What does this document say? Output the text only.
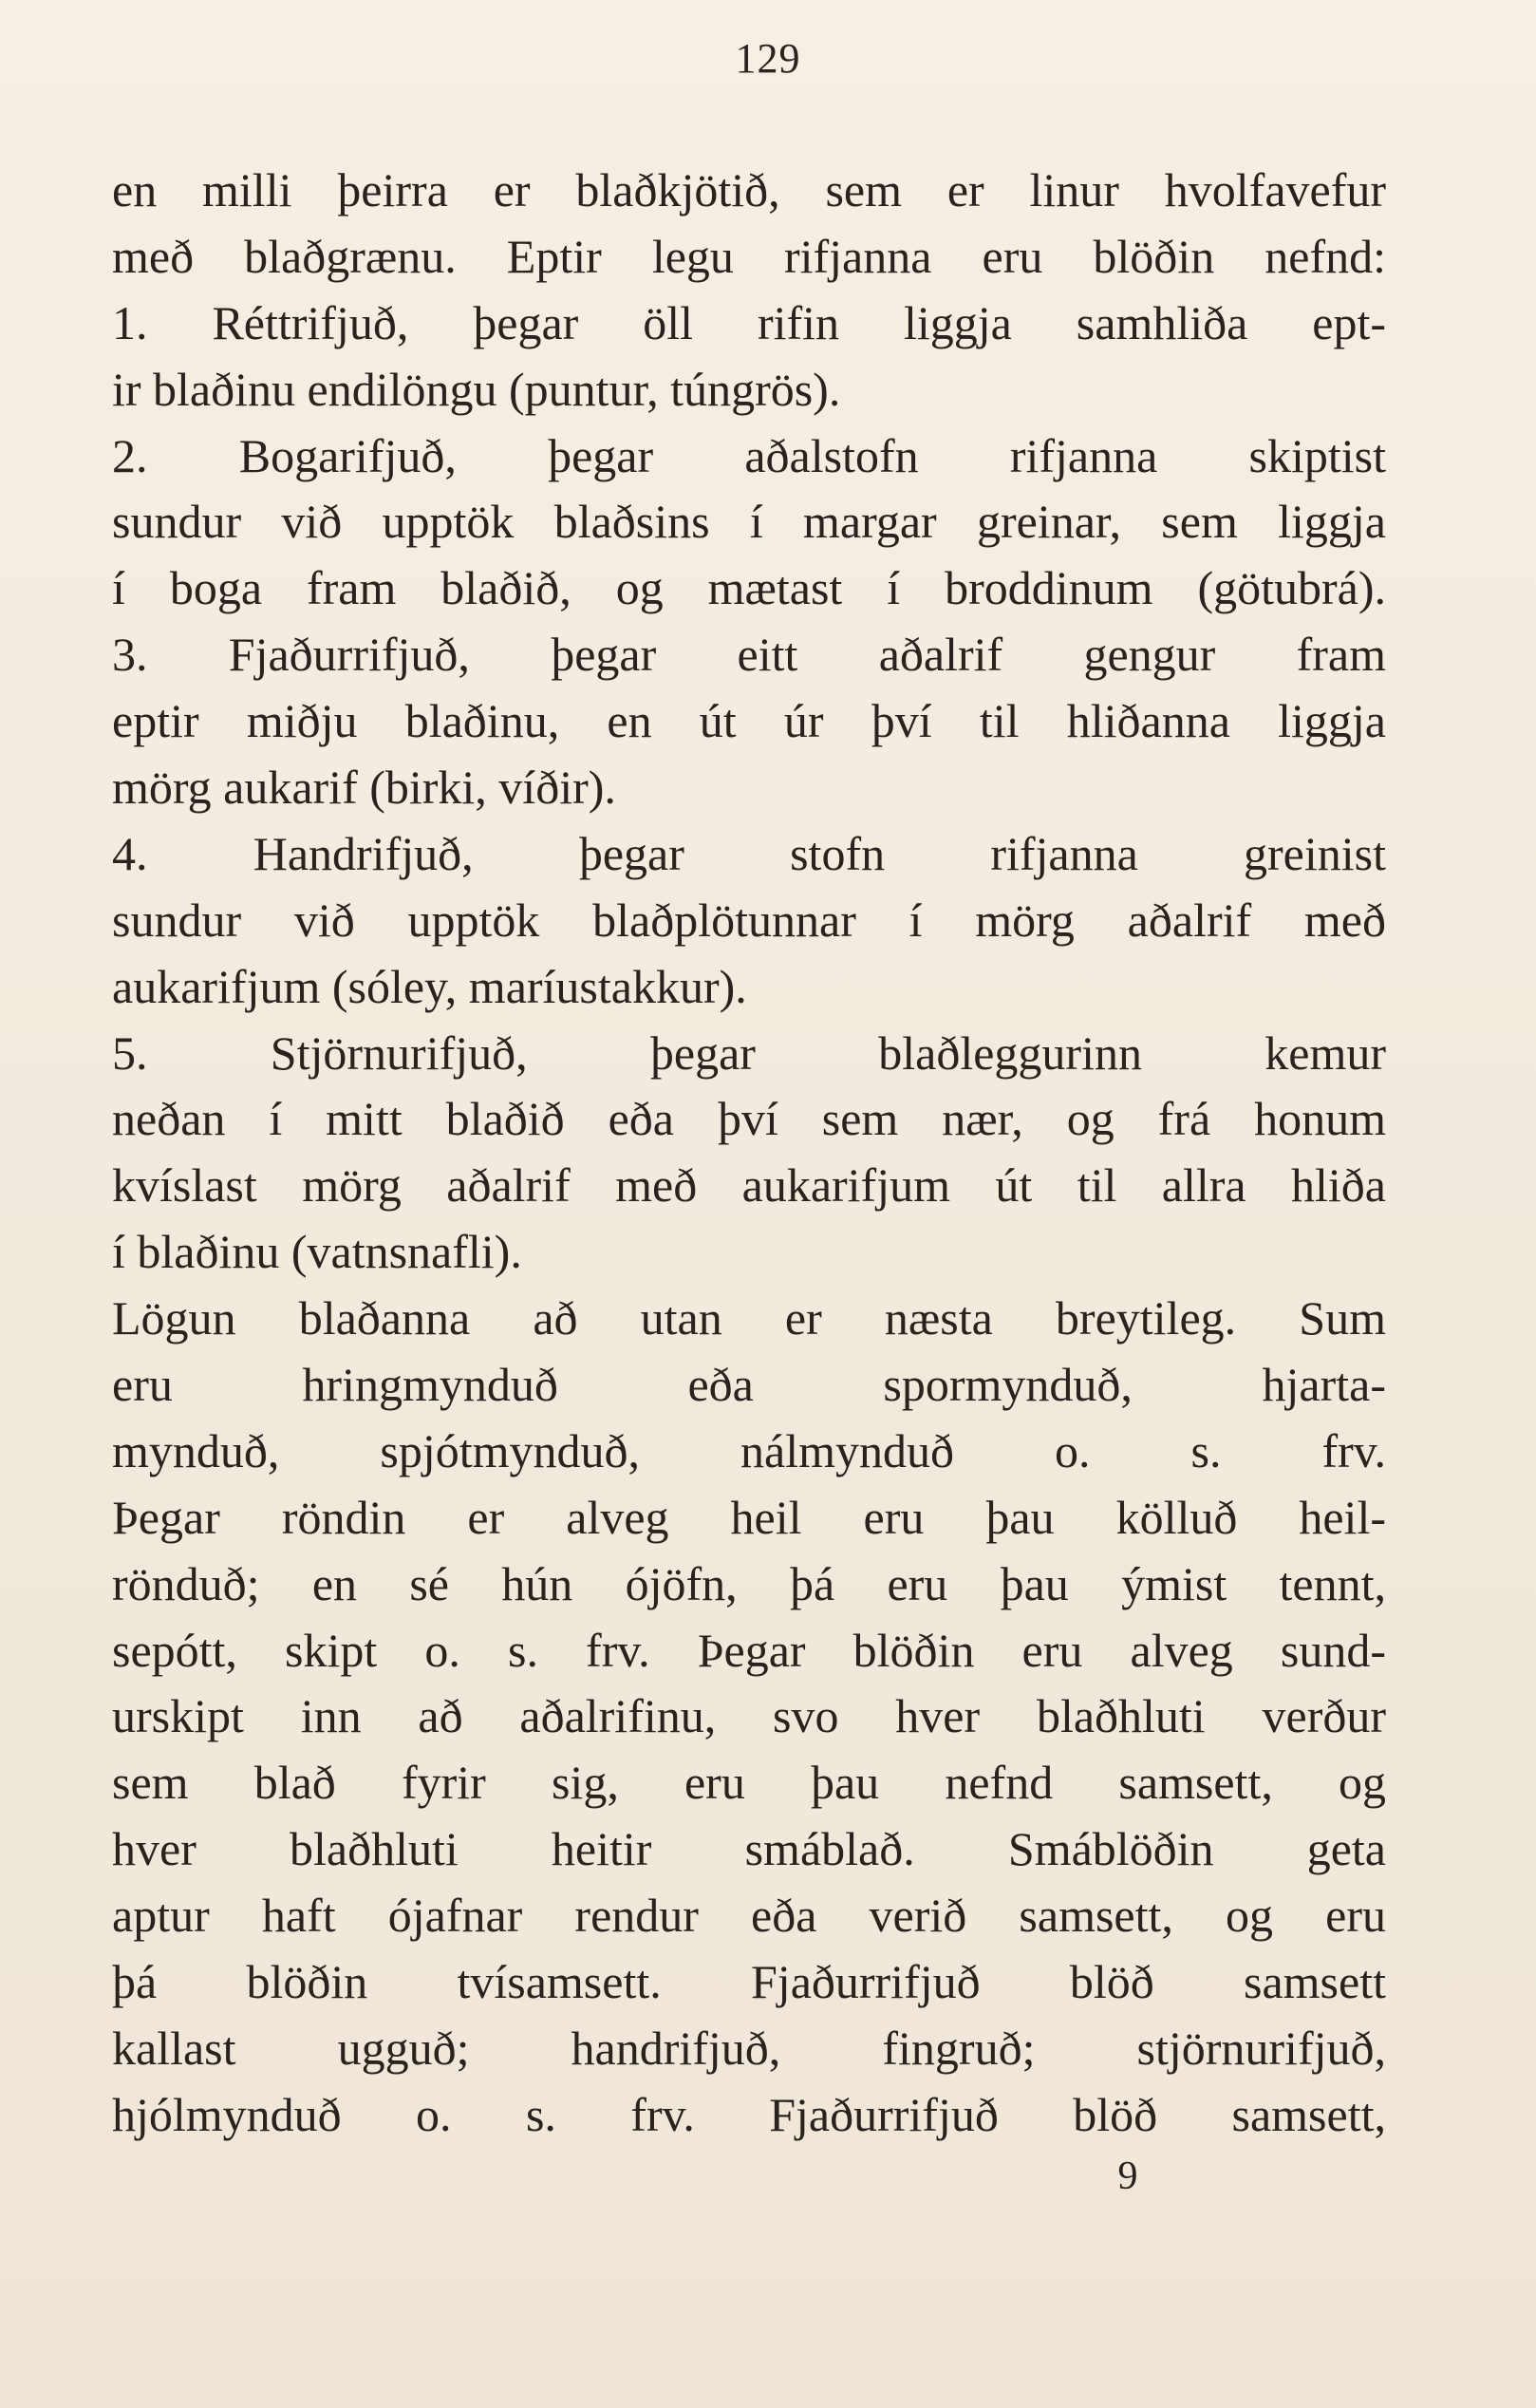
129
en milli þeirra er blaðkjötið, sem er linur hvolfavefur
með blaðgrænu. Eptir legu rifjanna eru blöðin nefnd:
1. Réttrifjuð, þegar öll rifin liggja samhliða ept-
ir blaðinu endilöngu (puntur, túngrös).
2. Bogarifjuð, þegar aðalstofn rifjanna skiptist
sundur við upptök blaðsins í margar greinar, sem liggja
í boga fram blaðið, og mætast í broddinum (götubrá).
3. Fjaðurrifjuð, þegar eitt aðalrif gengur fram
eptir miðju blaðinu, en út úr því til hliðanna liggja
mörg aukarif (birki, víðir).
4. Handrifjuð, þegar stofn rifjanna greinist
sundur við upptök blaðplötunnar í mörg aðalrif með
aukarifjum (sóley, maríustakkur).
5. Stjörnurifjuð, þegar blaðleggurinn kemur
neðan í mitt blaðið eða því sem nær, og frá honum
kvíslast mörg aðalrif með aukarifjum út til allra hliða
í blaðinu (vatnsnafli).
Lögun blaðanna að utan er næsta breytileg. Sum
eru hringmynduð eða spormynduð, hjarta-
mynduð, spjótmynduð, nálmynduð o. s. frv.
Þegar röndin er alveg heil eru þau kölluð heil-
rönduð; en sé hún ójöfn, þá eru þau ýmist tennt,
sepótt, skipt o. s. frv. Þegar blöðin eru alveg sund-
urskipt inn að aðalrifinu, svo hver blaðhluti verður
sem blað fyrir sig, eru þau nefnd samsett, og
hver blaðhluti heitir smáblað. Smáblöðin geta
aptur haft ójafnar rendur eða verið samsett, og eru
þá blöðin tvísamsett. Fjaðurrifjuð blöð samsett
kallast ugguð; handrifjuð, fingruð; stjörnurifjuð,
hjólmynduð o. s. frv. Fjaðurrifjuð blöð samsett,
9
